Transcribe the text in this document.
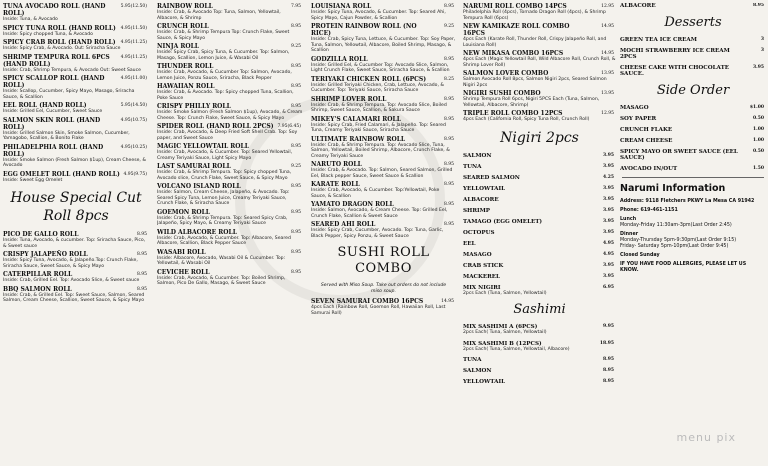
TUNA AVOCADO ROLL (HAND ROLL)
5.95(12.50)
Inside: Tuna, & Avocado
SPICY TUNA ROLL (HAND ROLL)	4.95(11.50)
Inside: Spicy chopped Tuna, & Avocado
SPICY CRAB ROLL (HAND ROLL)	4.95(11.25)
Inside: Spicy Crab, & Avocado. Out: Sriracha Sauce
SHRIMP TEMPURA ROLL 6PCS (HAND ROLL)
4.95(11.25)
Inside: Crab, Shrimp Tempura, & Avocado Out: Sweet Sauce
SPICY SCALLOP ROLL (HAND ROLL)
4.95(11.00)
Inside: Scallop, Cucumber, Spicy Mayo, Masago, Sriracha Sauce, & Scallion
EEL ROLL (HAND ROLL)	5.95(14.50)
Inside: Grilled Eel, Cucumber, Sweet Sauce
SALMON SKIN ROLL (HAND ROLL)
4.95(10.75)
Inside: Grilled Salmon Skin, Smoke Salmon, Cucumber, Yamagobo, Scallion, & Bonito Flake
PHILADELPHIA ROLL (HAND ROLL)
4.95(10.25)
Inside: Smoke Salmon (Fresh Salmon $1up), Cream Cheese, & Avocado
EGG OMELET ROLL (HAND ROLL) 4.95(9.75)
Inside: Sweet Egg Omelet
House Special Cut Roll 8pcs
PICO DE GALLO ROLL	8.95
Inside: Tuna, Avocado, & cucumber. Top: Sriracha Sauce, Pico, & Sweet sauce
CRISPY JALAPEÑO ROLL	8.95
Inside: Spicy Tuna, Avocado, & Jalapeño.Top: Crunch Flake, Sriracha Sauce, Sweet Sauce, & Spicy Mayo
CATERPILLAR ROLL	8.95
Inside: Crab, Grilled Eel. Top: Avocado Slice, & Sweet sauce
BBQ SALMON ROLL	8.95
Inside: Crab, & Grilled Eel. Top: Sweet Sauce, Salmon, Seared Salmon, Cream Cheese, Scallion, Sweet Sauce, & Spicy Mayo
RAINBOW ROLL	7.95
Inside: Crab, & Avocado Top: Tuna, Salmon, Yellowtail, Albacore, & Shrimp
CRUNCH ROLL	8.95
Inside: Crab, & Shrimp Tempura Top: Crunch Flake, Sweet Sauce, & Spicy Mayo
NINJA ROLL	9.25
Inside: Spicy Crab, Spicy Tuna, & Cucumber. Top: Salmon, Masago, Scallion, Lemon Juice, & Wasabi Oil
THUNDER ROLL	8.95
Inside: Crab, Avocado, & Cucumber Top: Salmon, Avocado, Lemon Juice, Ponzu Sauce, Sriracha, Black Pepper
HAWAIIAN ROLL	8.95
Inside: Crab, & Avocado. Top: Spicy chopped Tuna, Scallion, Poke Sauce
CRISPY PHILLY ROLL	8.95
Inside: Smoke Salmon (Fresh Salmon $1up), Avocado, & Cream Cheese. Top: Crunch Flake, Sweet Sauce, & Spicy Mayo
SPIDER ROLL (HAND ROLL 2PCS) 7.95(6.45)
Inside: Crab, Avocado, & Deep Fried Soft Shell Crab. Top: Soy paper, and Sweet Sauce
MAGIC YELLOWTAIL ROLL	8.95
Inside: Crab, Avocado, & Cucumber. Top: Seared Yellowtail, Creamy Teriyaki Sauce, Light Spicy Mayo
LAST SAMURAI ROLL	9.25
Inside: Crab, & Shrimp Tempura. Top: Spicy chopped Tuna, Avocado slice, Crunch Flake, Sweet Sauce, & Spicy Mayo
VOLCANO ISLAND ROLL	8.95
Inside: Salmon, Cream Cheese, Jalapeño, & Avocado. Top: Seared Spicy Tuna, Lemon Juice, Creamy Teriyaki Sauce, Crunch Flake, & Sriracha Sauce
GOEMON ROLL	8.95
Inside: Crab, & Shrimp Tempura. Top: Seared Spicy Crab, Jalapeño, Spicy Mayo, & Creamy Teriyaki Sauce
WILD ALBACORE ROLL	8.95
Inside: Crab, Avocado, & Cucumber. Top: Albacore, Seared Albacore, Scallion, Black Pepper Sauce
WASABI ROLL	8.95
Inside: Albacore, Avocado, Wasabi Oil & Cucumber. Top: Yellowtail, & Wasabi Oil
CEVICHE ROLL	8.95
Inside: Crab, Avocado, & Cucumber. Top: Boiled Shrimp, Salmon, Pico De Gallo, Masago, & Sweet Sauce
LOUISIANA ROLL	8.95
Inside: Spicy Tuna, Avocado, & Cucumber. Top: Seared Ahi, Spicy Mayo, Cajun Powder, & Scallion
PROTEIN RAINBOW ROLL (NO RICE)
9.25
Inside: Crab, Spicy Tuna, Lettuce, & Cucumber. Top: Soy Paper, Tuna, Salmon, Yellowtail, Albacore, Boiled Shrimp, Masago, & Scallion
GODZILLA ROLL	8.95
Inside: Grilled Eel, & Cucumber Top: Avocado Slice, Salmon, Light Crunch Flake, Sweet Sauce, Sriracha Sauce, & Scallion
TERIYAKI CHICKEN ROLL (6PCS)	8.25
Inside: Grilled Teriyaki Chicken, Crab, Lettuce, Avocado, & Cucumber. Top: Teriyaki Sauce, Sriracha Sauce
SHRIMP LOVER ROLL	8.95
Inside: Crab, & Shrimp Tempura. Top: Avocado Slice, Boiled Shrimp, Sweet Sauce, Scallion, & Sakura Sauce
MIKEY'S CALAMARI ROLL	8.95
Inside: Spicy Crab, Fried Calamari, & Jalapeño. Top: Seared Tuna, Creamy Teriyaki Sauce, Sriracha Sauce
ULTIMATE RAINBOW ROLL	8.95
Inside: Crab, & Shrimp Tempura. Top: Avocado Slice, Tuna, Salmon, Yellowtail, Boiled Shrimp, Albacore, Crunch Flake, & Creamy Teriyaki Sauce
NARUTO ROLL	8.95
Inside: Crab, & Avocado. Top: Salmon, Seared Salmon, Grilled Eel, Black pepper Sauce, Sweet Sauce & Scallion
KARATE ROLL	8.95
Inside: Crab, Avocado, & Cucumber. Top:Yellowtail, Poke Sauce, & Scallion
YAMATO DRAGON ROLL	8.95
Inside: Salmon, Avocado, & Cream Cheese. Top: Grilled Eel, Crunch Flake, Scallion & Sweet Sauce
SEARED AHI ROLL	8.95
Inside: Spicy Crab, Cucumber, Avocado. Top: Tuna, Garlic, Black Pepper, Spicy Ponzu, & Sweet Sauce
SUSHI ROLL COMBO
Served with Miso Soup. Take out orders do not include miso soup.
SEVEN SAMURAI COMBO 16PCS	14.95
4pcs Each (Rainbow Roll, Goemon Roll, Hawaiian Roll, Last Samurai Roll)
NARUMI ROLL COMBO 14PCS	12.95
Philadelphia Roll (4pcs), Tornado Dragon Roll (4pcs), & Shrimp Tempura Roll (6pcs)
NEW KAMIKAZE ROLL COMBO 16PCS
14.95
4pcs Each (Karate Roll, Thunder Roll, Crispy Jalapeño Roll, and Louisiana Roll)
NEW MIKASA COMBO 16PCS	14.95
4pcs Each (Magic Yellowtail Roll, Wild Albacore Roll, Crunch Roll, & Shrimp Lover Roll)
SALMON LOVER COMBO	13.95
Salmon Avocado Roll 8pcs, Salmon Nigiri 2pcs, Seared Salmon Nigiri 2pcs
NIGIRI SUSHI COMBO	13.95
Shrimp Tempura Roll 6pcs, Nigiri 5PCS Each (Tuna, Salmon, Yellowtail, Albacore, Shrimp)
TRIPLE ROLL COMBO 12PCS	12.95
4pcs Each (California Roll, Spicy Tuna Roll, Crunch Roll)
Nigiri 2pcs
SALMON	3.95
TUNA	3.95
SEARED SALMON	4.25
YELLOWTAIL	3.95
ALBACORE	3.95
SHRIMP	3.95
TAMAGO (EGG OMELET)	3.95
OCTOPUS	3.95
EEL	4.95
MASAGO	4.95
CRAB STICK	3.95
MACKEREL	3.95
MIX NIGIRI	6.95
2pcs Each (Tuna, Salmon, Yellowtail)
Sashimi
MIX SASHIMI A (6PCS)	9.95
2pcs Each( Tuna, Salmon, Yellowtail)
MIX SASHIMI B (12PCS)	18.95
2pcs Each( Tuna, Salmon, Yellowtail, Albacore)
TUNA	8.95
SALMON	8.95
YELLOWTAIL	8.95
ALBACORE	8.95
Desserts
GREEN TEA ICE CREAM	3
MOCHI STRAWBERRY ICE CREAM 2PCS
3
CHEESE CAKE WITH CHOCOLATE SAUCE.
3.95
Side Order
MASAGO	$1.00
SOY PAPER	0.50
CRUNCH FLAKE	1.00
CREAM CHEESE	1.00
SPICY MAYO OR SWEET SAUCE (EEL SAUCE)
0.50
AVOCADO IN/OUT	1.50
Narumi Information
Address: 9118 Fletchers PKWY La Mesa CA 91942
Phone: 619-461-1151
Lunch
Monday-Friday 11:30am-3pm(Last Order 2:45)
Dinner
Monday-Thursday 5pm-9:30pm(Last Order 9:15)
Friday- Saturday 5pm-10pm(Last Order 9:45)
Closed Sunday
IF YOU HAVE FOOD ALLERGIES, PLEASE LET US KNOW.
menu pix
